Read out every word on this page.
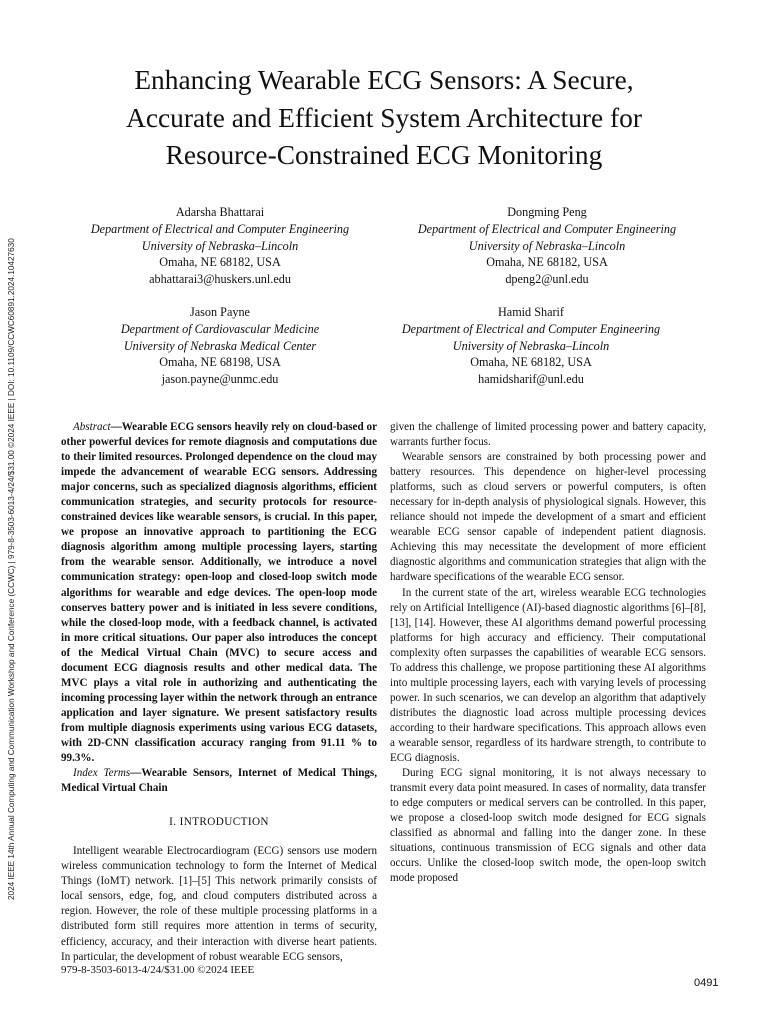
2024 IEEE 14th Annual Computing and Communication Workshop and Conference (CCWC) | 979-8-3503-6013-4/24/$31.00 ©2024 IEEE | DOI: 10.1109/CCWC60891.2024.10427630
Enhancing Wearable ECG Sensors: A Secure,
Accurate and Efficient System Architecture for
Resource-Constrained ECG Monitoring
Adarsha Bhattarai
Department of Electrical and Computer Engineering
University of Nebraska–Lincoln
Omaha, NE 68182, USA
abhattarai3@huskers.unl.edu
Dongming Peng
Department of Electrical and Computer Engineering
University of Nebraska–Lincoln
Omaha, NE 68182, USA
dpeng2@unl.edu
Jason Payne
Department of Cardiovascular Medicine
University of Nebraska Medical Center
Omaha, NE 68198, USA
jason.payne@unmc.edu
Hamid Sharif
Department of Electrical and Computer Engineering
University of Nebraska–Lincoln
Omaha, NE 68182, USA
hamidsharif@unl.edu

Abstract—Wearable ECG sensors heavily rely on cloud-based or other powerful devices for remote diagnosis and computations due to their limited resources. Prolonged dependence on the cloud may impede the advancement of wearable ECG sensors. Addressing major concerns, such as specialized diagnosis algorithms, efficient communication strategies, and security protocols for resource-constrained devices like wearable sensors, is crucial. In this paper, we propose an innovative approach to partitioning the ECG diagnosis algorithm among multiple processing layers, starting from the wearable sensor. Additionally, we introduce a novel communication strategy: open-loop and closed-loop switch mode algorithms for wearable and edge devices. The open-loop mode conserves battery power and is initiated in less severe conditions, while the closed-loop mode, with a feedback channel, is activated in more critical situations. Our paper also introduces the concept of the Medical Virtual Chain (MVC) to secure access and document ECG diagnosis results and other medical data. The MVC plays a vital role in authorizing and authenticating the incoming processing layer within the network through an entrance application and layer signature. We present satisfactory results from multiple diagnosis experiments using various ECG datasets, with 2D-CNN classification accuracy ranging from 91.11 % to 99.3%.

Index Terms—Wearable Sensors, Internet of Medical Things, Medical Virtual Chain

I. INTRODUCTION

Intelligent wearable Electrocardiogram (ECG) sensors use modern wireless communication technology to form the Internet of Medical Things (IoMT) network. [1]–[5] This network primarily consists of local sensors, edge, fog, and cloud computers distributed across a region. However, the role of these multiple processing platforms in a distributed form still requires more attention in terms of security, efficiency, accuracy, and their interaction with diverse heart patients. In particular, the development of robust wearable ECG sensors,

given the challenge of limited processing power and battery capacity, warrants further focus.

Wearable sensors are constrained by both processing power and battery resources. This dependence on higher-level processing platforms, such as cloud servers or powerful computers, is often necessary for in-depth analysis of physiological signals. However, this reliance should not impede the development of a smart and efficient wearable ECG sensor capable of independent patient diagnosis. Achieving this may necessitate the development of more efficient diagnostic algorithms and communication strategies that align with the hardware specifications of the wearable ECG sensor.

In the current state of the art, wireless wearable ECG technologies rely on Artificial Intelligence (AI)-based diagnostic algorithms [6]–[8], [13], [14]. However, these AI algorithms demand powerful processing platforms for high accuracy and efficiency. Their computational complexity often surpasses the capabilities of wearable ECG sensors. To address this challenge, we propose partitioning these AI algorithms into multiple processing layers, each with varying levels of processing power. In such scenarios, we can develop an algorithm that adaptively distributes the diagnostic load across multiple processing devices according to their hardware specifications. This approach allows even a wearable sensor, regardless of its hardware strength, to contribute to ECG diagnosis.

During ECG signal monitoring, it is not always necessary to transmit every data point measured. In cases of normality, data transfer to edge computers or medical servers can be controlled. In this paper, we propose a closed-loop switch mode designed for ECG signals classified as abnormal and falling into the danger zone. In these situations, continuous transmission of ECG signals and other data occurs. Unlike the closed-loop switch mode, the open-loop switch mode proposed

979-8-3503-6013-4/24/$31.00 ©2024 IEEE
0491
